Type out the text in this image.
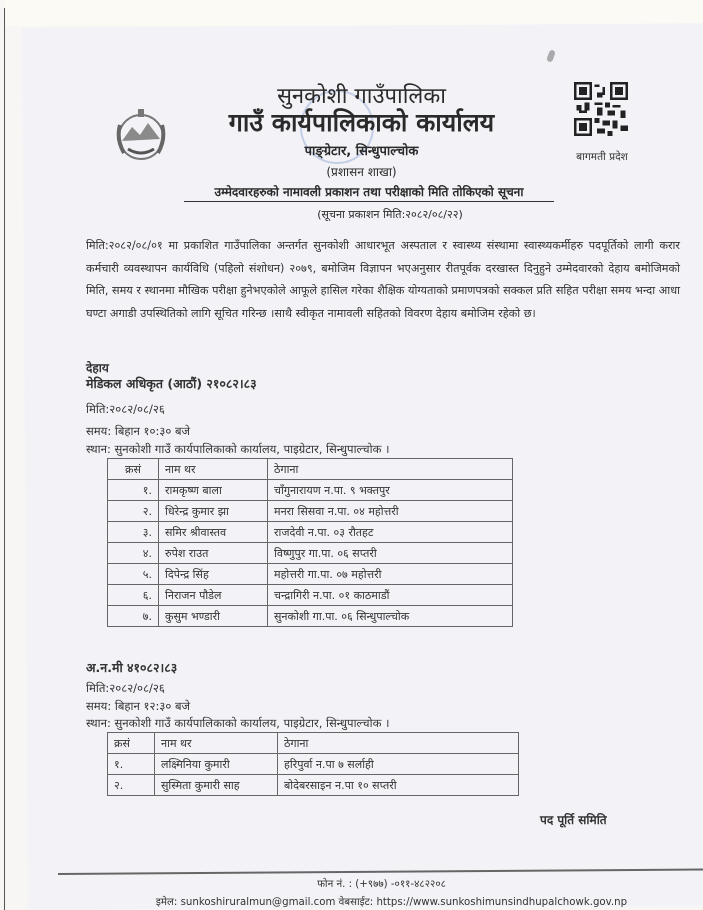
बागमती प्रदेश
सुनकोशी गाउँपालिका
गाउँ कार्यपालिकाको कार्यालय
पाङ्ग्रेटार, सिन्धुपाल्चोक
(प्रशासन शाखा)
उम्मेदवारहरुको नामावली प्रकाशन तथा परीक्षाको मिति तोकिएको सूचना
(सूचना प्रकाशन मिति:२०८२/०८/२२)
मिति:२०८२/०८/०१ मा प्रकाशित गाउँपालिका अन्तर्गत सुनकोशी आधारभूत अस्पताल र स्वास्थ्य संस्थामा स्वास्थ्यकर्मीहरु पदपूर्तिको लागी करार कर्मचारी व्यवस्थापन कार्यविधि (पहिलो संशोधन) २०७९, बमोजिम विज्ञापन भएअनुसार रीतपूर्वक दरखास्त दिनुहुने उम्मेदवारको देहाय बमोजिमको मिति, समय र स्थानमा मौखिक परीक्षा हुनेभएकोले आफूले हासिल गरेका शैक्षिक योग्यताको प्रमाणपत्रको सक्कल प्रति सहित परीक्षा समय भन्दा आधा घण्टा अगाडी उपस्थितिको लागि सूचित गरिन्छ ।साथै स्वीकृत नामावली सहितको विवरण देहाय बमोजिम रहेको छ।
देहाय
मेडिकल अधिकृत (आठौं) २१०८२।८३
मिति:२०८२/०८/२६
समय: बिहान १०:३० बजे
स्थान: सुनकोशी गाउँ कार्यपालिकाको कार्यालय, पाइग्रेटार, सिन्धुपाल्चोक ।
क्रसं	नाम थर	ठेगाना
१.	रामकृष्ण बाला	चाँगुनारायण न.पा. ९ भक्तपुर
२.	धिरेन्द्र कुमार झा	मनरा सिसवा न.पा. ०४ महोत्तरी
३.	समिर श्रीवास्तव	राजदेवी न.पा. ०३ रौतहट
४.	रुपेश राउत	विष्णुपुर गा.पा. ०६ सप्तरी
५.	दिपेन्द्र सिंह	महोत्तरी गा.पा. ०७ महोत्तरी
६.	निराजन पौडेल	चन्द्रागिरी न.पा. ०१ काठमाडौं
७.	कुसुम भण्डारी	सुनकोशी गा.पा. ०६ सिन्धुपाल्चोक
अ.न.मी ४१०८२।८३
मिति:२०८२/०८/२६
समय: बिहान १२:३० बजे
स्थान: सुनकोशी गाउँ कार्यपालिकाको कार्यालय, पाइग्रेटार, सिन्धुपाल्चोक ।
क्रसं	नाम थर	ठेगाना
१.	लक्ष्मिनिया कुमारी	हरिपुर्वा न.पा ७ सर्लाही
२.	सुस्मिता कुमारी साह	बोदेबरसाइन न.पा १० सप्तरी
पद पूर्ति समिति
फोन नं. : (+९७७) -०११-४८२२०८
इमेल: sunkoshiruralmun@gmail.com वेबसाईट: https://www.sunkoshimunsindhupalchowk.gov.np
